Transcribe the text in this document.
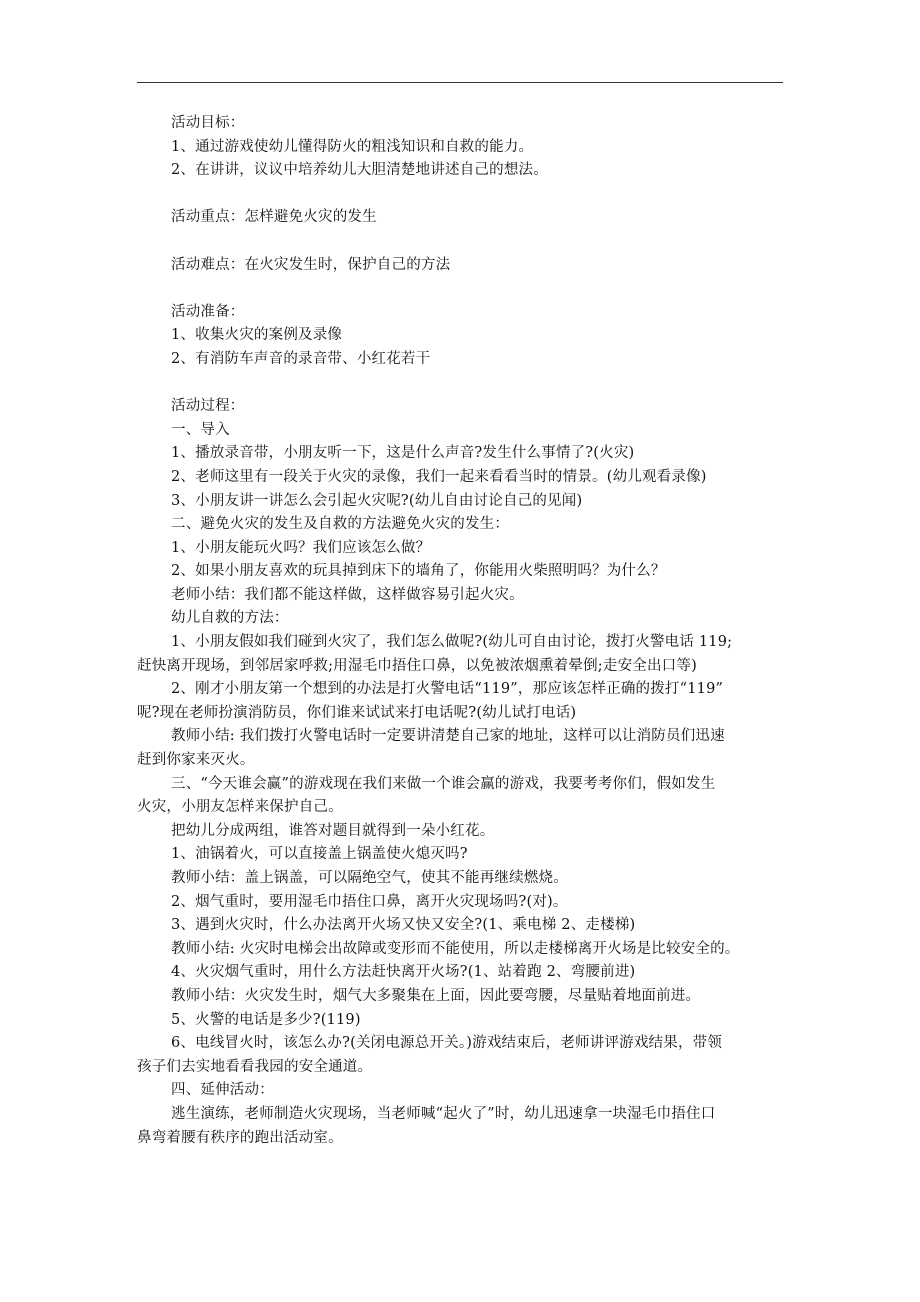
活动目标：
1、通过游戏使幼儿懂得防火的粗浅知识和自救的能力。
2、在讲讲，议议中培养幼儿大胆清楚地讲述自己的想法。
活动重点：怎样避免火灾的发生
活动难点：在火灾发生时，保护自己的方法
活动准备：
1、收集火灾的案例及录像
2、有消防车声音的录音带、小红花若干
活动过程：
一、导入
1、播放录音带，小朋友听一下，这是什么声音?发生什么事情了?(火灾)
2、老师这里有一段关于火灾的录像，我们一起来看看当时的情景。(幼儿观看录像)
3、小朋友讲一讲怎么会引起火灾呢?(幼儿自由讨论自己的见闻)
二、避免火灾的发生及自救的方法避免火灾的发生：
1、小朋友能玩火吗？我们应该怎么做？
2、如果小朋友喜欢的玩具掉到床下的墙角了，你能用火柴照明吗？为什么？
老师小结：我们都不能这样做，这样做容易引起火灾。
幼儿自救的方法：
1、小朋友假如我们碰到火灾了，我们怎么做呢?(幼儿可自由讨论，拨打火警电话 119;
赶快离开现场，到邻居家呼救;用湿毛巾捂住口鼻，以免被浓烟熏着晕倒;走安全出口等)
2、刚才小朋友第一个想到的办法是打火警电话“119”，那应该怎样正确的拨打“119”
呢?现在老师扮演消防员，你们谁来试试来打电话呢?(幼儿试打电话)
教师小结: 我们拨打火警电话时一定要讲清楚自己家的地址，这样可以让消防员们迅速
赶到你家来灭火。
三、“今天谁会赢”的游戏现在我们来做一个谁会赢的游戏，我要考考你们，假如发生
火灾，小朋友怎样来保护自己。
把幼儿分成两组，谁答对题目就得到一朵小红花。
1、油锅着火，可以直接盖上锅盖使火熄灭吗?
教师小结：盖上锅盖，可以隔绝空气，使其不能再继续燃烧。
2、烟气重时，要用湿毛巾捂住口鼻，离开火灾现场吗?(对)。
3、遇到火灾时，什么办法离开火场又快又安全?(1、乘电梯 2、走楼梯)
教师小结: 火灾时电梯会出故障或变形而不能使用，所以走楼梯离开火场是比较安全的。
4、火灾烟气重时，用什么方法赶快离开火场?(1、站着跑 2、弯腰前进)
教师小结：火灾发生时，烟气大多聚集在上面，因此要弯腰，尽量贴着地面前进。
5、火警的电话是多少?(119)
6、电线冒火时，该怎么办?(关闭电源总开关。)游戏结束后，老师讲评游戏结果，带领
孩子们去实地看看我园的安全通道。
四、延伸活动：
逃生演练，老师制造火灾现场，当老师喊“起火了”时，幼儿迅速拿一块湿毛巾捂住口
鼻弯着腰有秩序的跑出活动室。
